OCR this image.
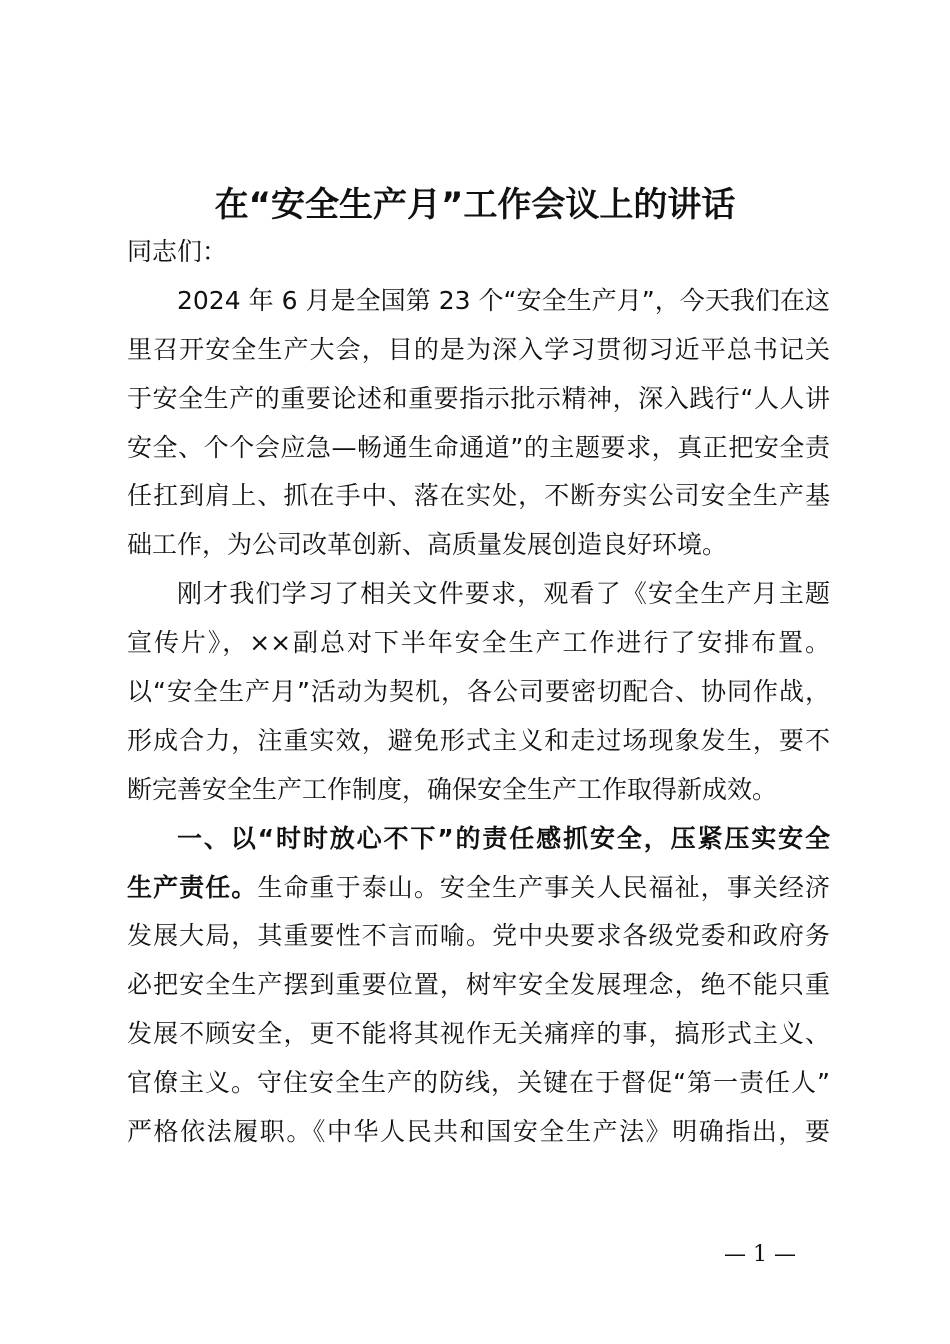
在“安全生产月”工作会议上的讲话
同志们：
2024 年 6 月是全国第 23 个“安全生产月”，今天我们在这
里召开安全生产大会，目的是为深入学习贯彻习近平总书记关
于安全生产的重要论述和重要指示批示精神，深入践行“人人讲
安全、个个会应急—畅通生命通道”的主题要求，真正把安全责
任扛到肩上、抓在手中、落在实处，不断夯实公司安全生产基
础工作，为公司改革创新、高质量发展创造良好环境。
刚才我们学习了相关文件要求，观看了《安全生产月主题
宣传片》，××副总对下半年安全生产工作进行了安排布置。
以“安全生产月”活动为契机，各公司要密切配合、协同作战，
形成合力，注重实效，避免形式主义和走过场现象发生，要不
断完善安全生产工作制度，确保安全生产工作取得新成效。
一、以“时时放心不下”的责任感抓安全，压紧压实安全
生产责任。生命重于泰山。安全生产事关人民福祉，事关经济
发展大局，其重要性不言而喻。党中央要求各级党委和政府务
必把安全生产摆到重要位置，树牢安全发展理念，绝不能只重
发展不顾安全，更不能将其视作无关痛痒的事，搞形式主义、
官僚主义。守住安全生产的防线，关键在于督促“第一责任人”
严格依法履职。《中华人民共和国安全生产法》明确指出，要
— 1 —
